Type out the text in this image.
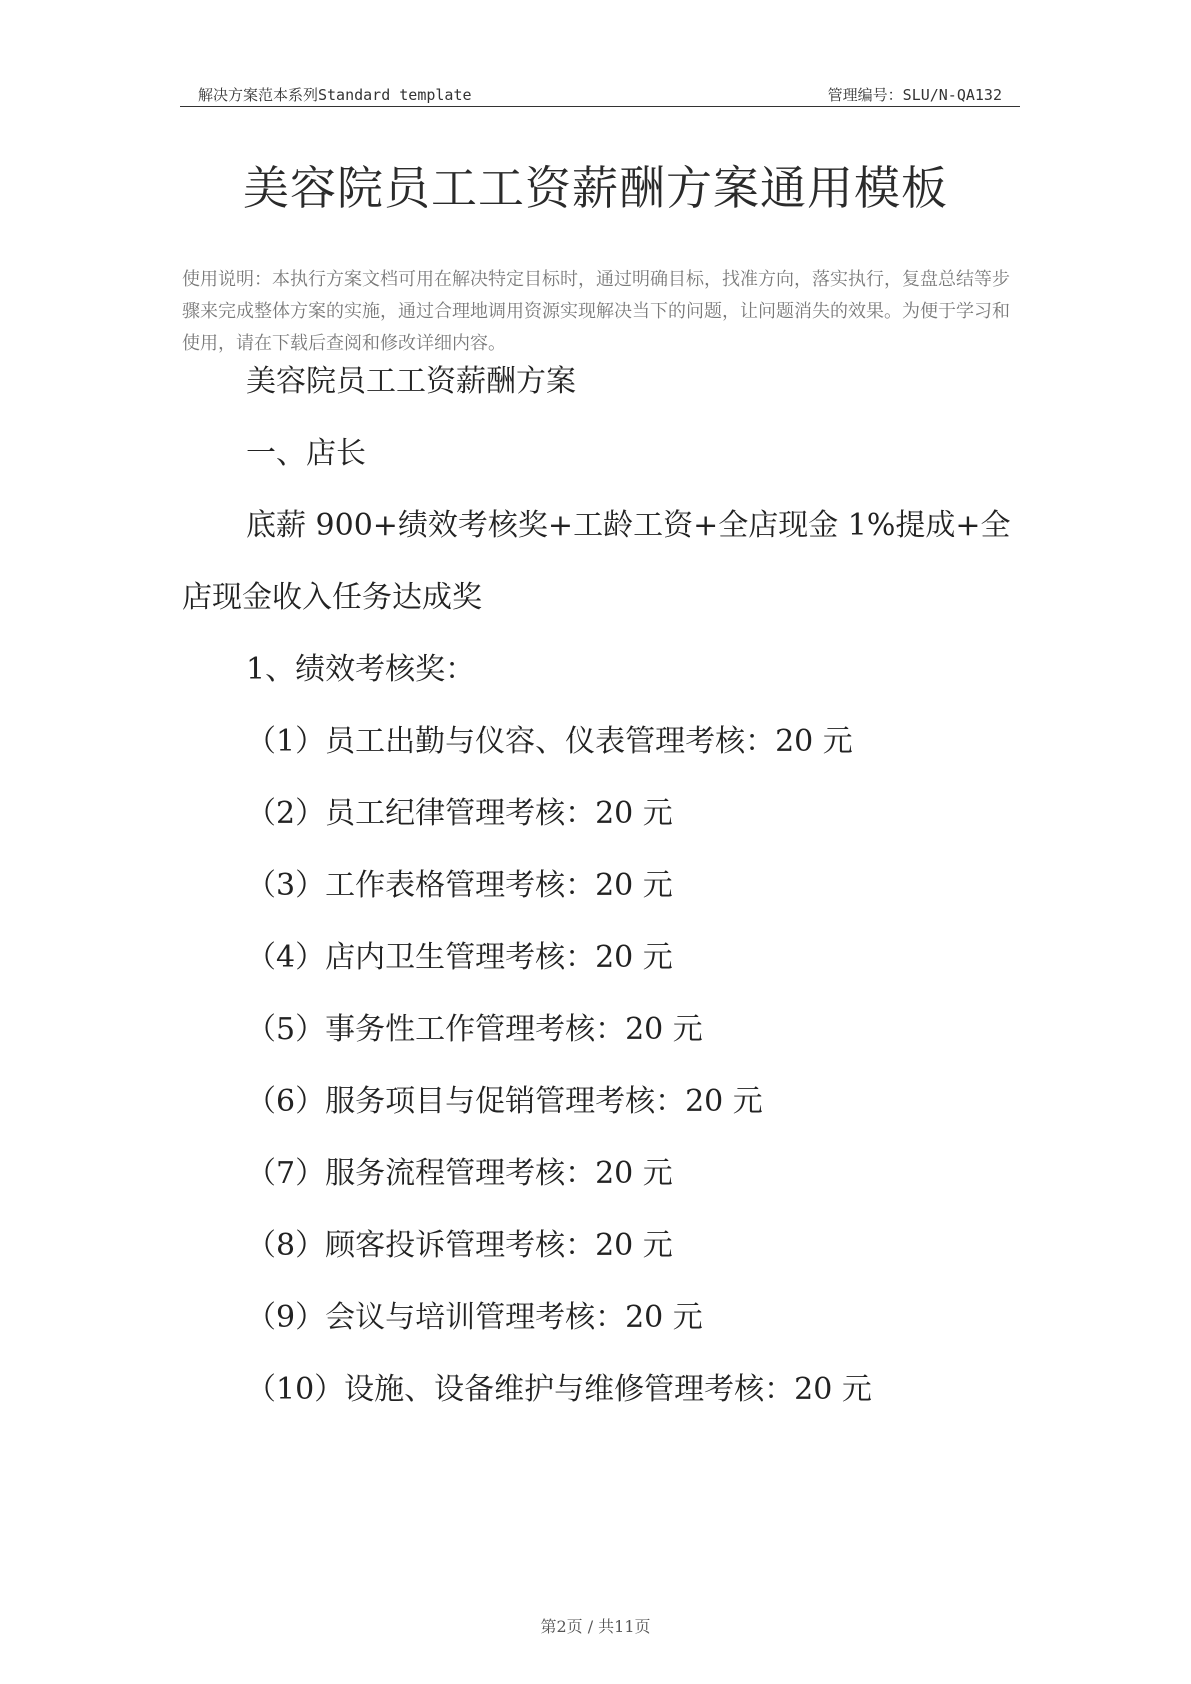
解决方案范本系列Standard template	管理编号：SLU/N-QA132
美容院员工工资薪酬方案通用模板
使用说明：本执行方案文档可用在解决特定目标时，通过明确目标，找准方向，落实执行，复盘总结等步骤来完成整体方案的实施，通过合理地调用资源实现解决当下的问题，让问题消失的效果。为便于学习和使用，请在下载后查阅和修改详细内容。
美容院员工工资薪酬方案
一、店长
底薪 900+绩效考核奖+工龄工资+全店现金 1%提成+全
店现金收入任务达成奖
1、绩效考核奖：
（1）员工出勤与仪容、仪表管理考核：20 元
（2）员工纪律管理考核：20 元
（3）工作表格管理考核：20 元
（4）店内卫生管理考核：20 元
（5）事务性工作管理考核：20 元
（6）服务项目与促销管理考核：20 元
（7）服务流程管理考核：20 元
（8）顾客投诉管理考核：20 元
（9）会议与培训管理考核：20 元
（10）设施、设备维护与维修管理考核：20 元
第2页 / 共11页
